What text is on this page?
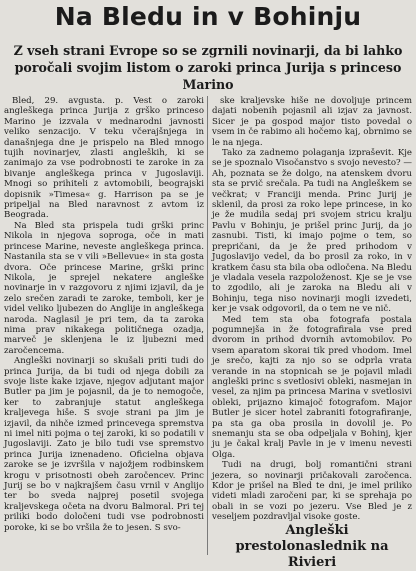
Na Bledu in v Bohinju
Z vseh strani Evrope so se zgrnili novinarji, da bi lahko poročali svojim listom o zaroki princa Jurija s princeso Marino

Bled, 29. avgusta. p. Vest o zaroki angleškega princa Jurija z grško princeso Marino je izzvala v mednarodni javnosti veliko senzacijo. V teku včerajšnjega in današnjega dne je prispelo na Bled mnogo tujih novinarjev, zlasti angleških, ki se zanimajo za vse podrobnosti te zaroke in za bivanje angleškega princa v Jugoslaviji. Mnogi so prihiteli z avtomobili, beograjski dopisnik »Timesa« g. Harrison pa se je pripeljal na Bled naravnost z avtom iz Beograda.

Na Bled sta prispela tudi grški princ Nikola in njegova soproga, oče in mati princese Marine, neveste angleškega princa. Nastanila sta se v vili »Bellevue« in sta gosta dvora. Oče princese Marine, grški princ Nikola, je sprejel nekatere angleške novinarje in v razgovoru z njimi izjavil, da je zelo srečen zaradi te zaroke, temboli, ker je videl veliko ljubezen do Anglije in angleškega naroda. Naglasil je pri tem, da ta zaroka nima prav nikakega političnega ozadja, marveč je sklenjena le iz ljubezni med zaročencema.

Angleški novinarji so skušali priti tudi do princa Jurija, da bi tudi od njega dobili za svoje liste kake izjave, njegov adjutant major Butler pa jim je pojasnil, da je to nemogoče, ker to zabranjuje statut angleškega kraljevega hiše. S svoje strani pa jim je izjavil, da nihče izmed princevega spremstva ni imel niti pojma o tej zaroki, ki so podatili v Jugoslaviji. Zato je bilo tudi vse spremstvo princa Jurija iznenadeno. Oficielna objava zaroke se je izvršila v najožjem rodbinskem krogu v prisotnosti obeh zaročencev. Princ Jurij se bo v najkrajšem času vrnil v Anglijo ter bo sveda najprej posetil svojega kraljevskega očeta na dvoru Balmoral. Pri tej priliki bodo določeni tudi vse podrobnosti poroke, ki se bo vršila že to jesen. S svo-

ske kraljevske hiše ne dovoljuje princem dajati nobenih pojasnil ali izjav za javnost. Sicer je pa gospod major tisto povedal o vsem in če rabimo ali hočemo kaj, obrnimo se le na njega.

Tako za zadnemo polaganja izpraševit. Kje se je spoznalo Visočanstvo s svojo nevesto? — Ah, poznata se že dolgo, na atenskem dvoru sta se prvič srečala. Pa tudi na Angleškem se večkrat; v Franciji menda. Princ Jurij je sklenil, da prosi za roko lepe princese, in ko je že mudila sedaj pri svojem stricu kralju Pavlu v Bohinju, je prišel princ Jurij, da jo zasnubi. Tisti, ki imajo pojme o tem, so prepričani, da je že pred prihodom v Jugoslavijo vedel, da bo prosil za roko, in v kratkem času sta bila oba odločena. Na Bledu je vladala vesela razpoloženost. Kje se je vse to zgodilo, ali je zaroka na Bledu ali v Bohinju, tega niso novinarji mogli izvedeti, ker je vsak odgovoril, da o tem ne ve nič.

Med tem sta oba fotografa postala pogumnejša in že fotografirala vse pred dvorom in prihod dvornih avtomobilov. Po vsem aparatom skorai tik pred vhodom. Imel je srečo, kajti za njo so se odprla vrata verande in na stopnicah se je pojavil mladi angleški princ s svetlosivi obleki, nasmejan in vesel, za njim pa princesa Marina v svetlosivi obleki, prijazno kimajoč fotografom. Major Butler je sicer hotel zabraniti fotografiranje, pa sta ga oba prosila in dovolil je. Po snemanju sta se oba odpeljala v Bohinj, kjer ju je čakal kralj Pavle in je v imenu nevesti Olga.

Tudi na drugi, bolj romantični strani jezera, so novinarji pričakovali zaročenca. Kdor je prišel na Bled te dni, je imel priliko videti mladi zaročeni par, ki se sprehaja po obali in se vozi po jezeru. Vse Bled je z veseljem pozdravljal visoke goste.

Angleški prestolonaslednik na Rivieri
